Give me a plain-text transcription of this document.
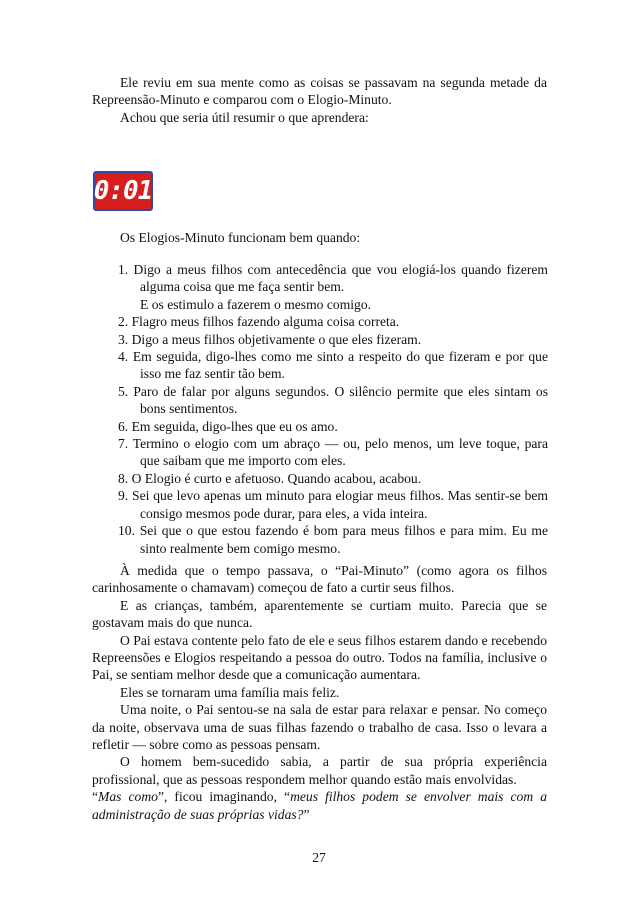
Ele reviu em sua mente como as coisas se passavam na segunda metade da Repreensão-Minuto e comparou com o Elogio-Minuto.

Achou que seria útil resumir o que aprendera:

0:01
Os Elogios-Minuto funcionam bem quando:
1. Digo a meus filhos com antecedência que vou elogiá-los quando fizerem alguma coisa que me faça sentir bem.
E os estimulo a fazerem o mesmo comigo.
2. Flagro meus filhos fazendo alguma coisa correta.
3. Digo a meus filhos objetivamente o que eles fizeram.
4. Em seguida, digo-lhes como me sinto a respeito do que fizeram e por que isso me faz sentir tão bem.
5. Paro de falar por alguns segundos. O silêncio permite que eles sintam os bons sentimentos.
6. Em seguida, digo-lhes que eu os amo.
7. Termino o elogio com um abraço — ou, pelo menos, um leve toque, para que saibam que me importo com eles.
8. O Elogio é curto e afetuoso. Quando acabou, acabou.
9. Sei que levo apenas um minuto para elogiar meus filhos. Mas sentir-se bem consigo mesmos pode durar, para eles, a vida inteira.
10. Sei que o que estou fazendo é bom para meus filhos e para mim. Eu me sinto realmente bem comigo mesmo.

À medida que o tempo passava, o “Pai-Minuto” (como agora os filhos carinhosamente o chamavam) começou de fato a curtir seus filhos.

E as crianças, também, aparentemente se curtiam muito. Parecia que se gostavam mais do que nunca.

O Pai estava contente pelo fato de ele e seus filhos estarem dando e recebendo Repreensões e Elogios respeitando a pessoa do outro. Todos na família, inclusive o Pai, se sentiam melhor desde que a comunicação aumentara.

Eles se tornaram uma família mais feliz.

Uma noite, o Pai sentou-se na sala de estar para relaxar e pensar. No começo da noite, observava uma de suas filhas fazendo o trabalho de casa. Isso o levara a refletir — sobre como as pessoas pensam.

O homem bem-sucedido sabia, a partir de sua própria experiência profissional, que as pessoas respondem melhor quando estão mais envolvidas.

“Mas como”, ficou imaginando, “meus filhos podem se envolver mais com a administração de suas próprias vidas?”

27
